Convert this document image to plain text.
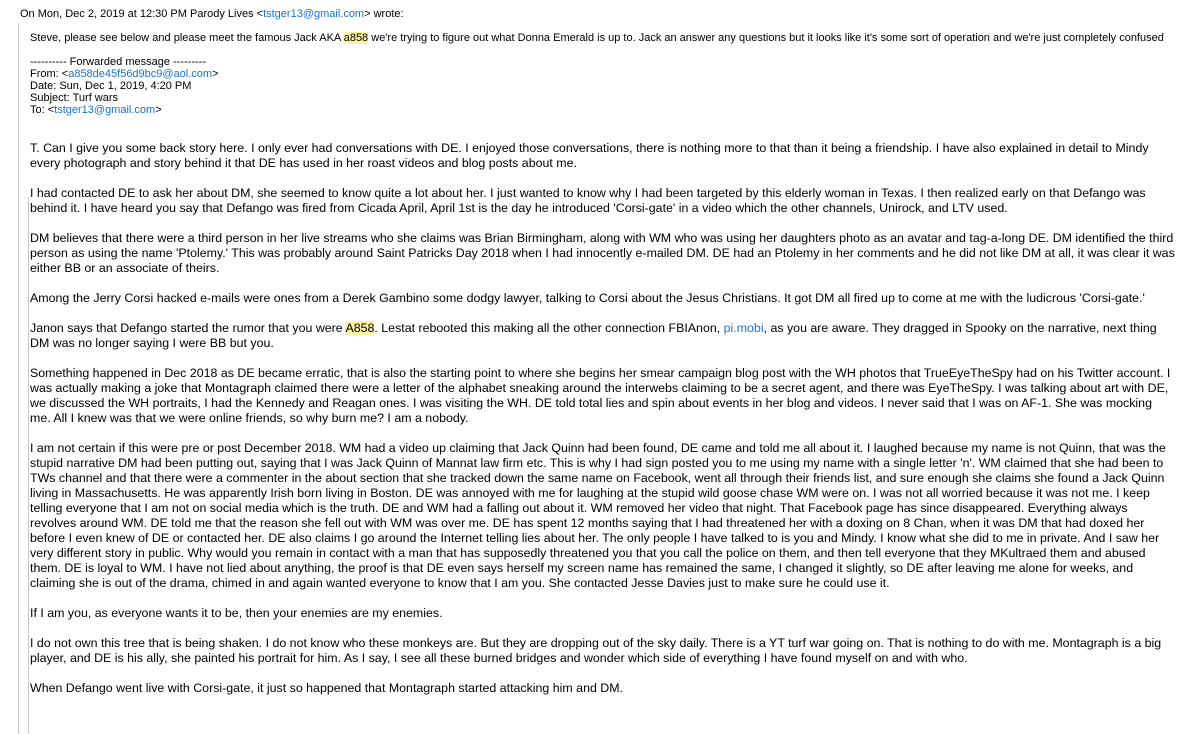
On Mon, Dec 2, 2019 at 12:30 PM Parody Lives <tstger13@gmail.com> wrote:
Steve, please see below and please meet the famous Jack AKA a858 we're trying to figure out what Donna Emerald is up to. Jack an answer any questions but it looks like it's some sort of operation and we're just completely confused
---------- Forwarded message ---------
From: <a858de45f56d9bc9@aol.com>
Date: Sun, Dec 1, 2019, 4:20 PM
Subject: Turf wars
To: <tstger13@gmail.com>

T. Can I give you some back story here. I only ever had conversations with DE. I enjoyed those conversations, there is nothing more to that than it being a friendship. I have also explained in detail to Mindy every photograph and story behind it that DE has used in her roast videos and blog posts about me.

I had contacted DE to ask her about DM, she seemed to know quite a lot about her. I just wanted to know why I had been targeted by this elderly woman in Texas. I then realized early on that Defango was behind it. I have heard you say that Defango was fired from Cicada April, April 1st is the day he introduced 'Corsi-gate' in a video which the other channels, Unirock, and LTV used.

DM believes that there were a third person in her live streams who she claims was Brian Birmingham, along with WM who was using her daughters photo as an avatar and tag-a-long DE. DM identified the third person as using the name 'Ptolemy.' This was probably around Saint Patricks Day 2018 when I had innocently e-mailed DM. DE had an Ptolemy in her comments and he did not like DM at all, it was clear it was either BB or an associate of theirs.

Among the Jerry Corsi hacked e-mails were ones from a Derek Gambino some dodgy lawyer, talking to Corsi about the Jesus Christians. It got DM all fired up to come at me with the ludicrous 'Corsi-gate.'

Janon says that Defango started the rumor that you were A858. Lestat rebooted this making all the other connection FBIAnon, pi.mobi, as you are aware. They dragged in Spooky on the narrative, next thing DM was no longer saying I were BB but you.

Something happened in Dec 2018 as DE became erratic, that is also the starting point to where she begins her smear campaign blog post with the WH photos that TrueEyeTheSpy had on his Twitter account. I was actually making a joke that Montagraph claimed there were a letter of the alphabet sneaking around the interwebs claiming to be a secret agent, and there was EyeTheSpy. I was talking about art with DE, we discussed the WH portraits, I had the Kennedy and Reagan ones. I was visiting the WH. DE told total lies and spin about events in her blog and videos. I never said that I was on AF-1. She was mocking me. All I knew was that we were online friends, so why burn me? I am a nobody.

I am not certain if this were pre or post December 2018. WM had a video up claiming that Jack Quinn had been found, DE came and told me all about it. I laughed because my name is not Quinn, that was the stupid narrative DM had been putting out, saying that I was Jack Quinn of Mannat law firm etc. This is why I had sign posted you to me using my name with a single letter 'n'. WM claimed that she had been to TWs channel and that there were a commenter in the about section that she tracked down the same name on Facebook, went all through their friends list, and sure enough she claims she found a Jack Quinn living in Massachusetts. He was apparently Irish born living in Boston. DE was annoyed with me for laughing at the stupid wild goose chase WM were on. I was not all worried because it was not me. I keep telling everyone that I am not on social media which is the truth. DE and WM had a falling out about it. WM removed her video that night. That Facebook page has since disappeared. Everything always revolves around WM. DE told me that the reason she fell out with WM was over me. DE has spent 12 months saying that I had threatened her with a doxing on 8 Chan, when it was DM that had doxed her before I even knew of DE or contacted her. DE also claims I go around the Internet telling lies about her. The only people I have talked to is you and Mindy. I know what she did to me in private. And I saw her very different story in public. Why would you remain in contact with a man that has supposedly threatened you that you call the police on them, and then tell everyone that they MKultraed them and abused them. DE is loyal to WM. I have not lied about anything, the proof is that DE even says herself my screen name has remained the same, I changed it slightly, so DE after leaving me alone for weeks, and claiming she is out of the drama, chimed in and again wanted everyone to know that I am you. She contacted Jesse Davies just to make sure he could use it.

If I am you, as everyone wants it to be, then your enemies are my enemies.

I do not own this tree that is being shaken. I do not know who these monkeys are. But they are dropping out of the sky daily. There is a YT turf war going on. That is nothing to do with me. Montagraph is a big player, and DE is his ally, she painted his portrait for him. As I say, I see all these burned bridges and wonder which side of everything I have found myself on and with who.

When Defango went live with Corsi-gate, it just so happened that Montagraph started attacking him and DM.
